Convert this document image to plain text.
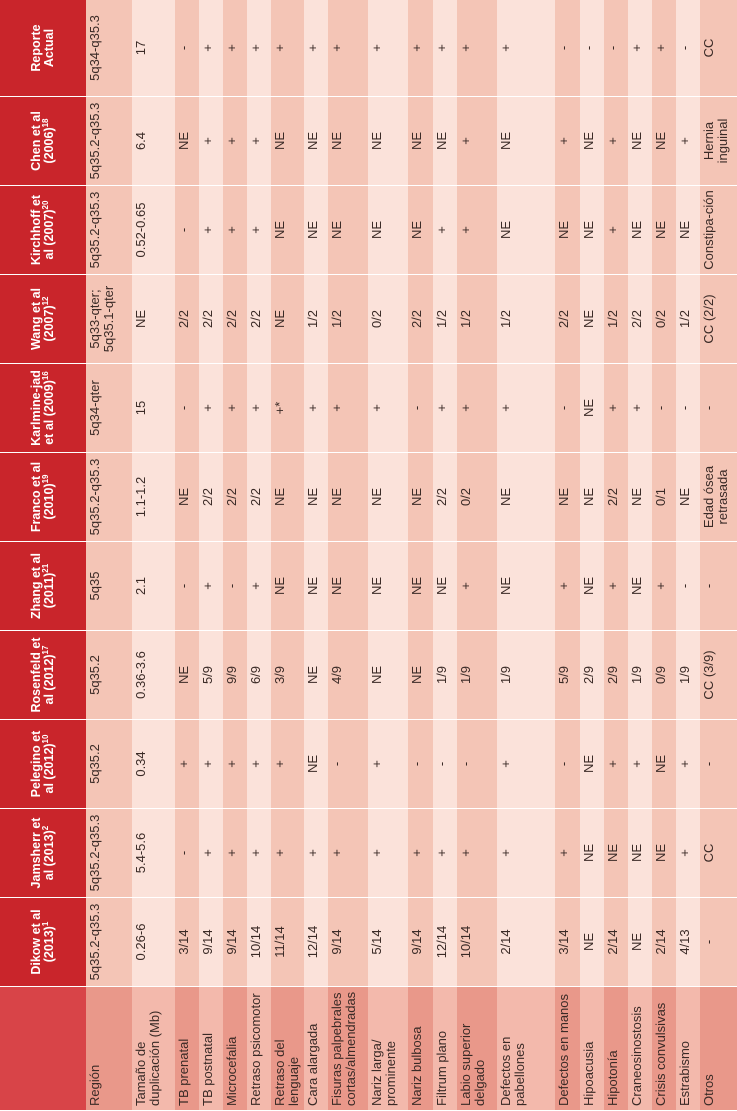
	Dikow et al $(2013)^1$	Jamsherr et al $(2013)^2$	Pelegino et al $(2012)^{10}$	Rosenfeld et al $(2012)^{17}$	Zhang et al $(2011)^{21}$	Franco et al $(2010)^{19}$	Karlmine-jad et al $(2009)^{16}$	Wang et al $(2007)^{12}$	Kirchhoff et al $(2007)^{20}$	Chen et al $(2006)^{18}$	Reporte Actual
Región	5q35.2-q35.3	5q35.2-q35.3	5q35.2	5q35.2	5q35	5q35.2-q35.3	5q34-qter	5q33-qter; 5q35.1-qter	5q35.2-q35.3	5q35.2-q35.3	5q34-q35.3
Tamaño de duplicación (Mb)	0.26-6	5.4-5.6	0.34	0.36-3.6	2.1	1.1-1.2	15	NE	0.52-0.65	6.4	17
TB prenatal	3/14	-	+	NE	-	NE	-	2/2	-	NE	-
TB postnatal	9/14	+	+	5/9	+	2/2	+	2/2	+	+	+
Microcefalia	9/14	+	+	9/9	-	2/2	+	2/2	+	+	+
Retraso psicomotor	10/14	+	+	6/9	+	2/2	+	2/2	+	+	+
Retraso del lenguaje	11/14	+	+	3/9	NE	NE	+*	NE	NE	NE	+
Cara alargada	12/14	+	NE	NE	NE	NE	+	1/2	NE	NE	+
Fisuras palpebrales cortas/almendradas	9/14	+	-	4/9	NE	NE	+	1/2	NE	NE	+
Nariz larga/ prominente	5/14	+	+	NE	NE	NE	+	0/2	NE	NE	+
Nariz bulbosa	9/14	+	-	NE	NE	NE	-	2/2	NE	NE	+
Filtrum plano	12/14	+	-	1/9	NE	2/2	+	1/2	+	NE	+
Labio superior delgado	10/14	+	-	1/9	+	0/2	+	1/2	+	+	+
Defectos en pabellones	2/14	+	+	1/9	NE	NE	+	1/2	NE	NE	+
Defectos en manos	3/14	+	-	5/9	+	NE	-	2/2	NE	+	-
Hipoacusia	NE	NE	NE	2/9	NE	NE	NE	NE	NE	NE	-
Hipotonía	2/14	NE	+	2/9	+	2/2	+	1/2	+	+	-
Craneosinostosis	NE	NE	+	1/9	NE	NE	+	2/2	NE	NE	+
Crisis convulsivas	2/14	NE	NE	0/9	+	0/1	-	0/2	NE	NE	+
Estrabismo	4/13	+	+	1/9	-	NE	-	1/2	NE	+	-
Otros	-	CC	-	CC (3/9)	-	Edad ósea retrasada	-	CC (2/2)	Constipa-ción	Hernia inguinal	CC
